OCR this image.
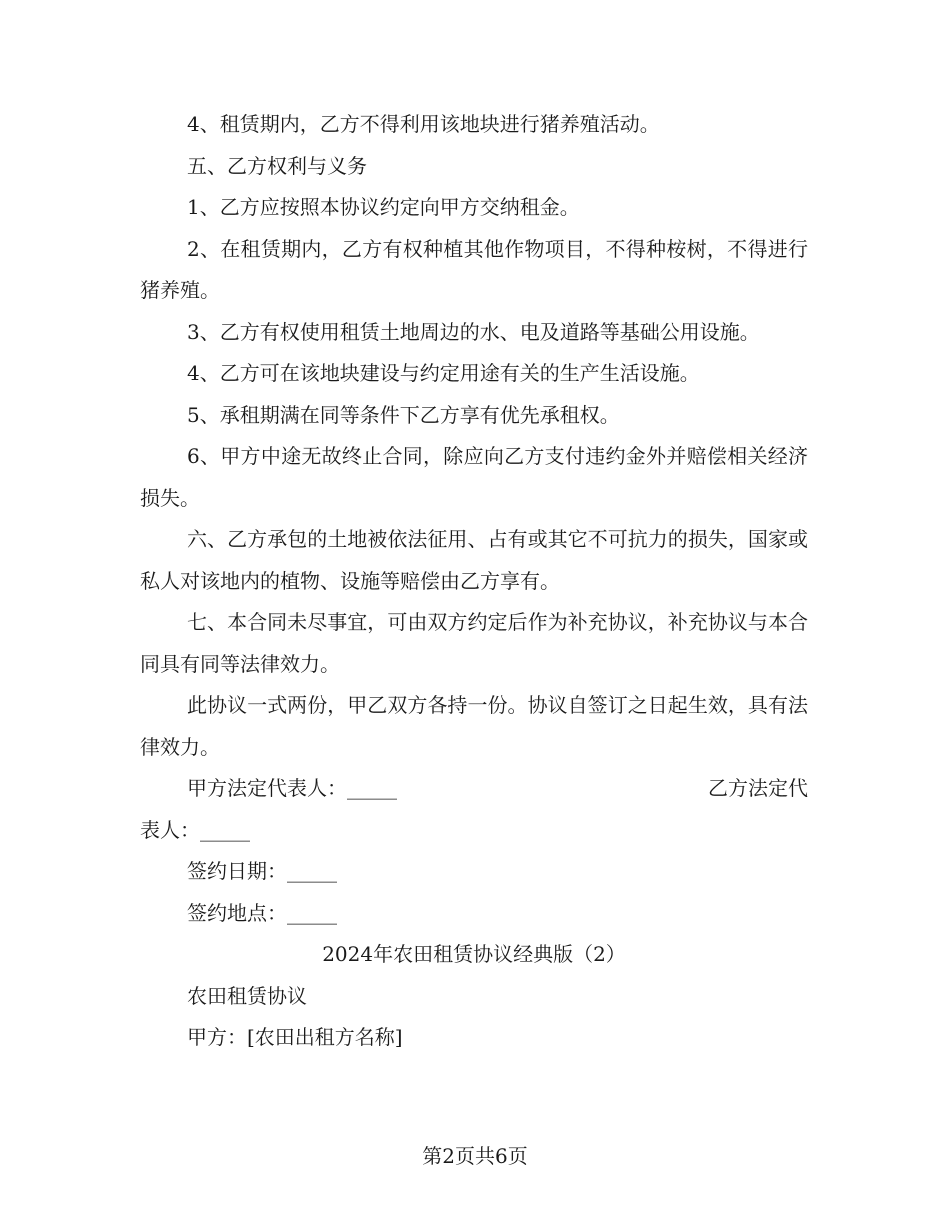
4、租赁期内，乙方不得利用该地块进行猪养殖活动。

五、乙方权利与义务

1、乙方应按照本协议约定向甲方交纳租金。

2、在租赁期内，乙方有权种植其他作物项目，不得种桉树，不得进行猪养殖。

3、乙方有权使用租赁土地周边的水、电及道路等基础公用设施。

4、乙方可在该地块建设与约定用途有关的生产生活设施。

5、承租期满在同等条件下乙方享有优先承租权。

6、甲方中途无故终止合同，除应向乙方支付违约金外并赔偿相关经济损失。

六、乙方承包的土地被依法征用、占有或其它不可抗力的损失，国家或私人对该地内的植物、设施等赔偿由乙方享有。

七、本合同未尽事宜，可由双方约定后作为补充协议，补充协议与本合同具有同等法律效力。

此协议一式两份，甲乙双方各持一份。协议自签订之日起生效，具有法律效力。

甲方法定代表人：_____	乙方法定代

表人：_____

签约日期：_____

签约地点：_____

2024年农田租赁协议经典版（2）

农田租赁协议

甲方：[农田出租方名称]

第2页共6页
